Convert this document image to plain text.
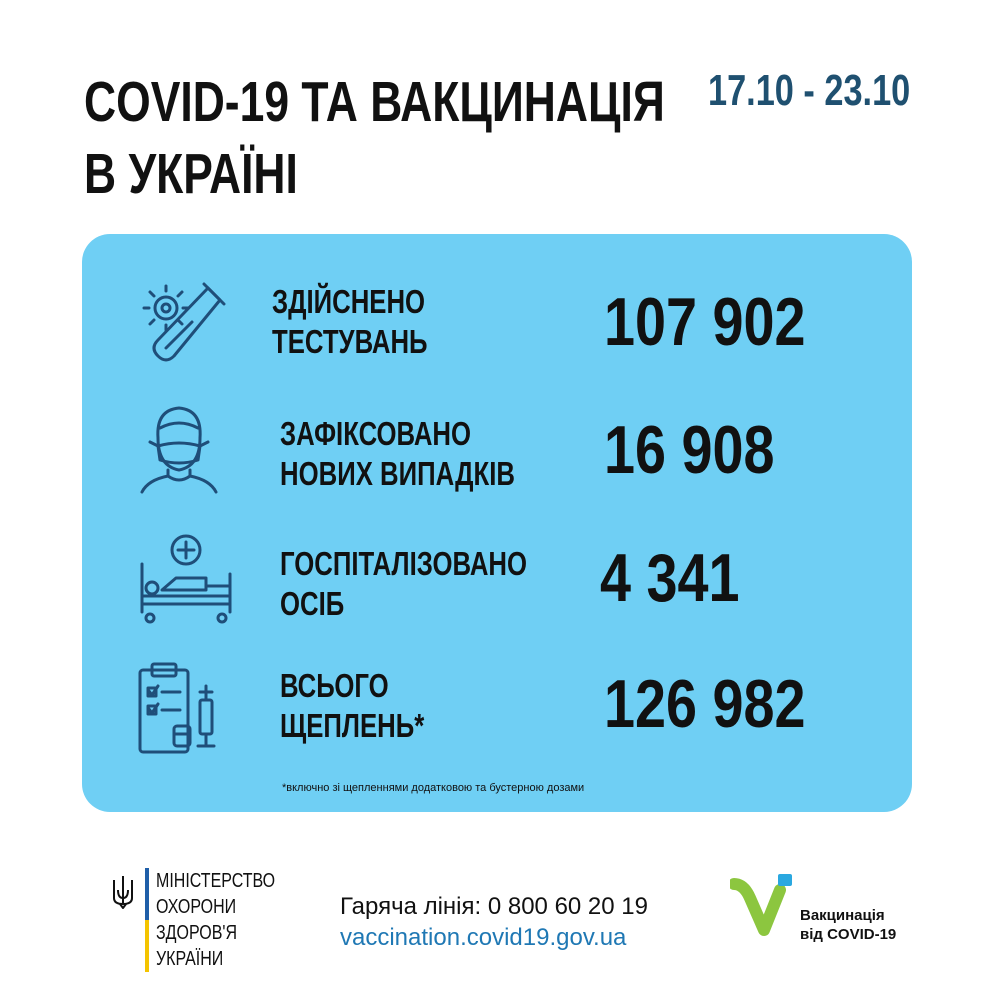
COVID-19 ТА ВАКЦИНАЦІЯ
В УКРАЇНІ
17.10 - 23.10
ЗДІЙСНЕНО
ТЕСТУВАНЬ	107 902
ЗАФІКСОВАНО
НОВИХ ВИПАДКІВ 16 908
ГОСПІТАЛІЗОВАНО
ОСІБ	4 341
ВСЬОГО
ЩЕПЛЕНЬ*	126 982
*включно зі щепленнями додатковою та бустерною дозами
МІНІСТЕРСТВО
ОХОРОНИ
ЗДОРОВ'Я
УКРАЇНИ
Гаряча лінія: 0 800 60 20 19
vaccination.covid19.gov.ua
Вакцинація
від COVID-19
